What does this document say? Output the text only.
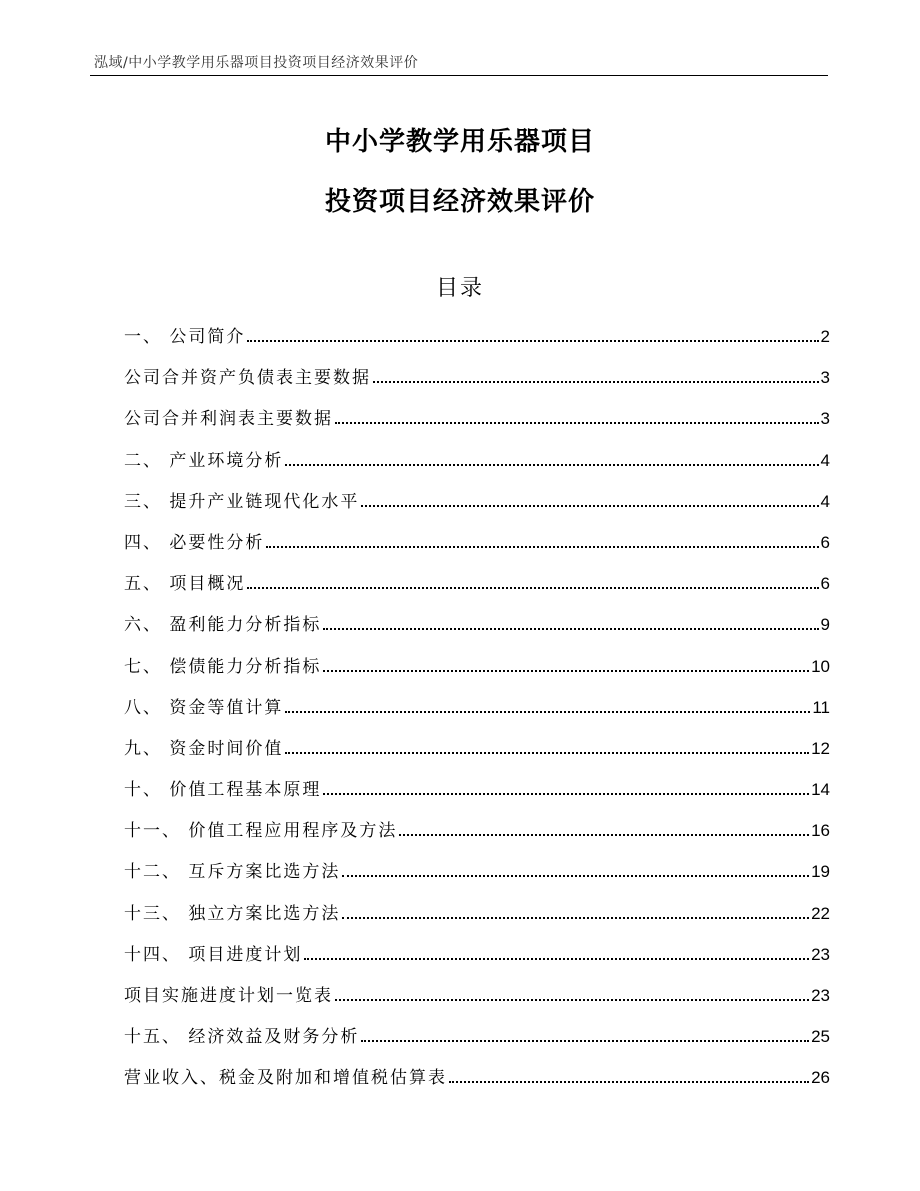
泓域/中小学教学用乐器项目投资项目经济效果评价
中小学教学用乐器项目
投资项目经济效果评价
目录
一、 公司简介	2
公司合并资产负债表主要数据	3
公司合并利润表主要数据	3
二、 产业环境分析	4
三、 提升产业链现代化水平	4
四、 必要性分析	6
五、 项目概况	6
六、 盈利能力分析指标	9
七、 偿债能力分析指标	10
八、 资金等值计算	11
九、 资金时间价值	12
十、 价值工程基本原理	14
十一、 价值工程应用程序及方法	16
十二、 互斥方案比选方法	19
十三、 独立方案比选方法	22
十四、 项目进度计划	23
项目实施进度计划一览表	23
十五、 经济效益及财务分析	25
营业收入、税金及附加和增值税估算表	26
